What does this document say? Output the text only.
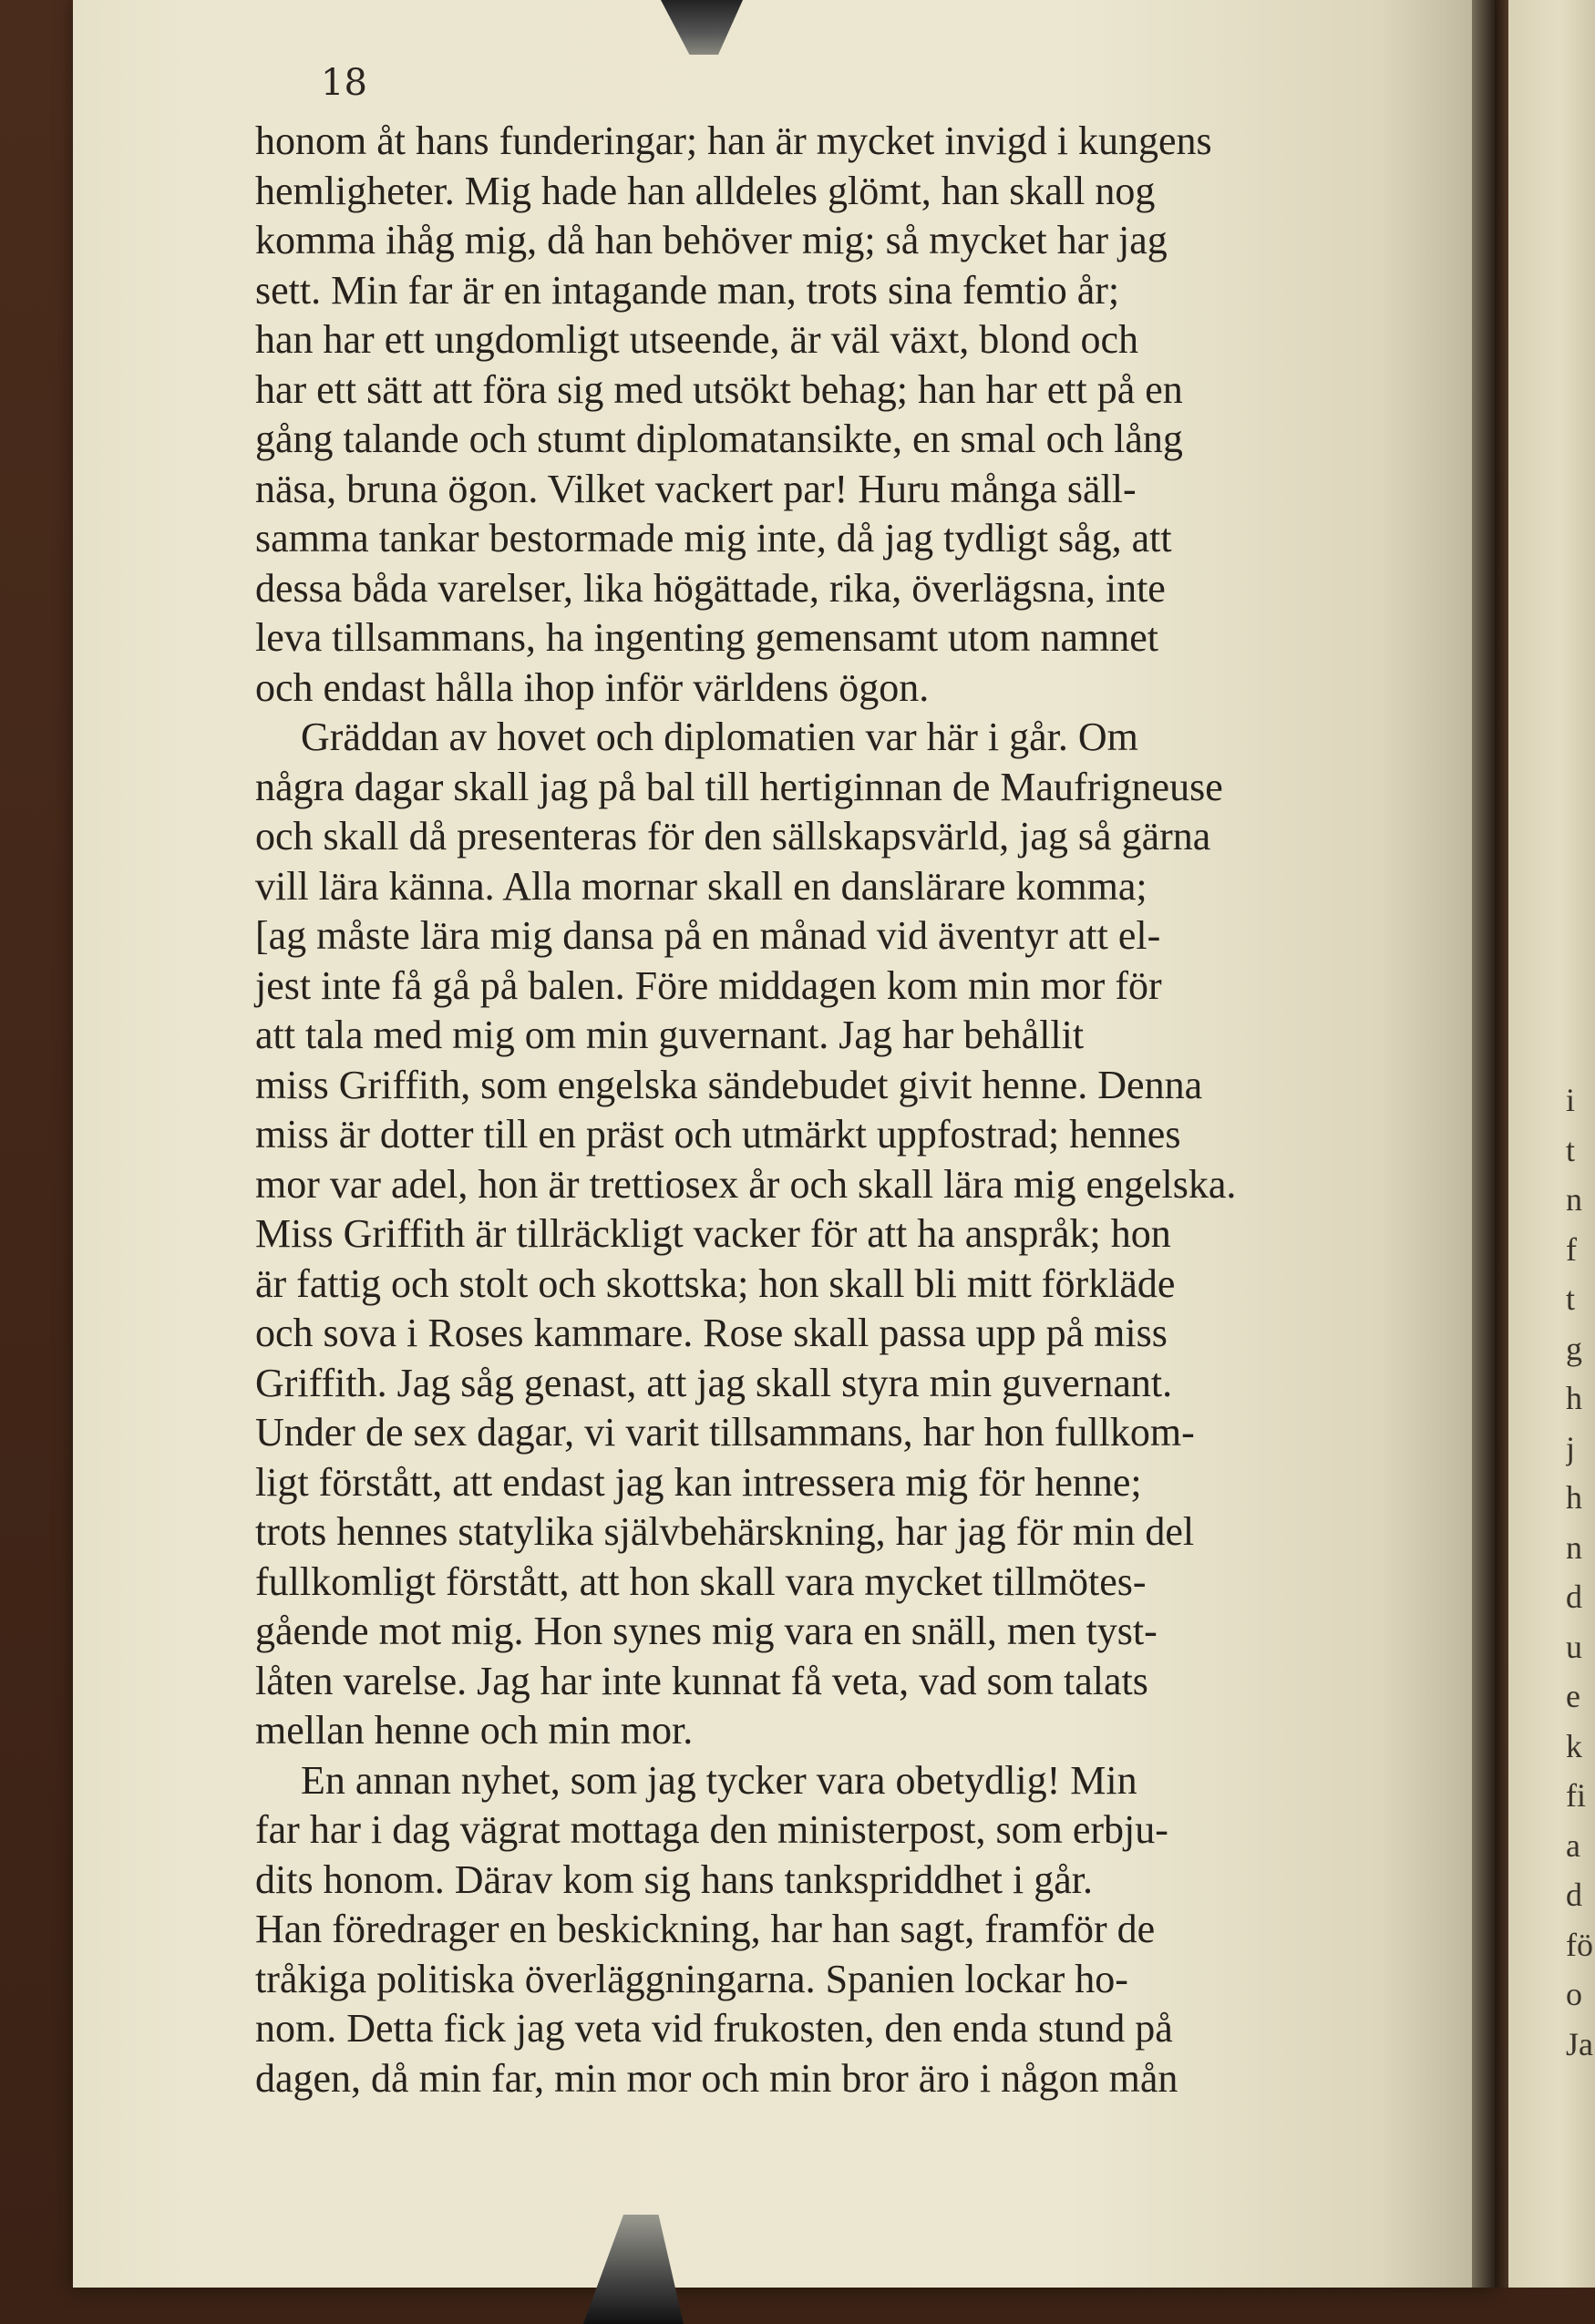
18
honom åt hans funderingar; han är mycket invigd i kungens
hemligheter. Mig hade han alldeles glömt, han skall nog
komma ihåg mig, då han behöver mig; så mycket har jag
sett. Min far är en intagande man, trots sina femtio år;
han har ett ungdomligt utseende, är väl växt, blond och
har ett sätt att föra sig med utsökt behag; han har ett på en
gång talande och stumt diplomatansikte, en smal och lång
näsa, bruna ögon. Vilket vackert par! Huru många säll-
samma tankar bestormade mig inte, då jag tydligt såg, att
dessa båda varelser, lika högättade, rika, överlägsna, inte
leva tillsammans, ha ingenting gemensamt utom namnet
och endast hålla ihop inför världens ögon.
Gräddan av hovet och diplomatien var här i går. Om
några dagar skall jag på bal till hertiginnan de Maufrigneuse
och skall då presenteras för den sällskapsvärld, jag så gärna
vill lära känna. Alla mornar skall en danslärare komma;
[ag måste lära mig dansa på en månad vid äventyr att el-
jest inte få gå på balen. Före middagen kom min mor för
att tala med mig om min guvernant. Jag har behållit
miss Griffith, som engelska sändebudet givit henne. Denna
miss är dotter till en präst och utmärkt uppfostrad; hennes
mor var adel, hon är trettiosex år och skall lära mig engelska.
Miss Griffith är tillräckligt vacker för att ha anspråk; hon
är fattig och stolt och skottska; hon skall bli mitt förkläde
och sova i Roses kammare. Rose skall passa upp på miss
Griffith. Jag såg genast, att jag skall styra min guvernant.
Under de sex dagar, vi varit tillsammans, har hon fullkom-
ligt förstått, att endast jag kan intressera mig för henne;
trots hennes statylika självbehärskning, har jag för min del
fullkomligt förstått, att hon skall vara mycket tillmötes-
gående mot mig. Hon synes mig vara en snäll, men tyst-
låten varelse. Jag har inte kunnat få veta, vad som talats
mellan henne och min mor.
En annan nyhet, som jag tycker vara obetydlig! Min
far har i dag vägrat mottaga den ministerpost, som erbju-
dits honom. Därav kom sig hans tankspriddhet i går.
Han föredrager en beskickning, har han sagt, framför de
tråkiga politiska överläggningarna. Spanien lockar ho-
nom. Detta fick jag veta vid frukosten, den enda stund på
dagen, då min far, min mor och min bror äro i någon mån
i
t
n
f
t
g
h
j
h
n
d
u
e
k
fi
a
d
fö
o
Ja
